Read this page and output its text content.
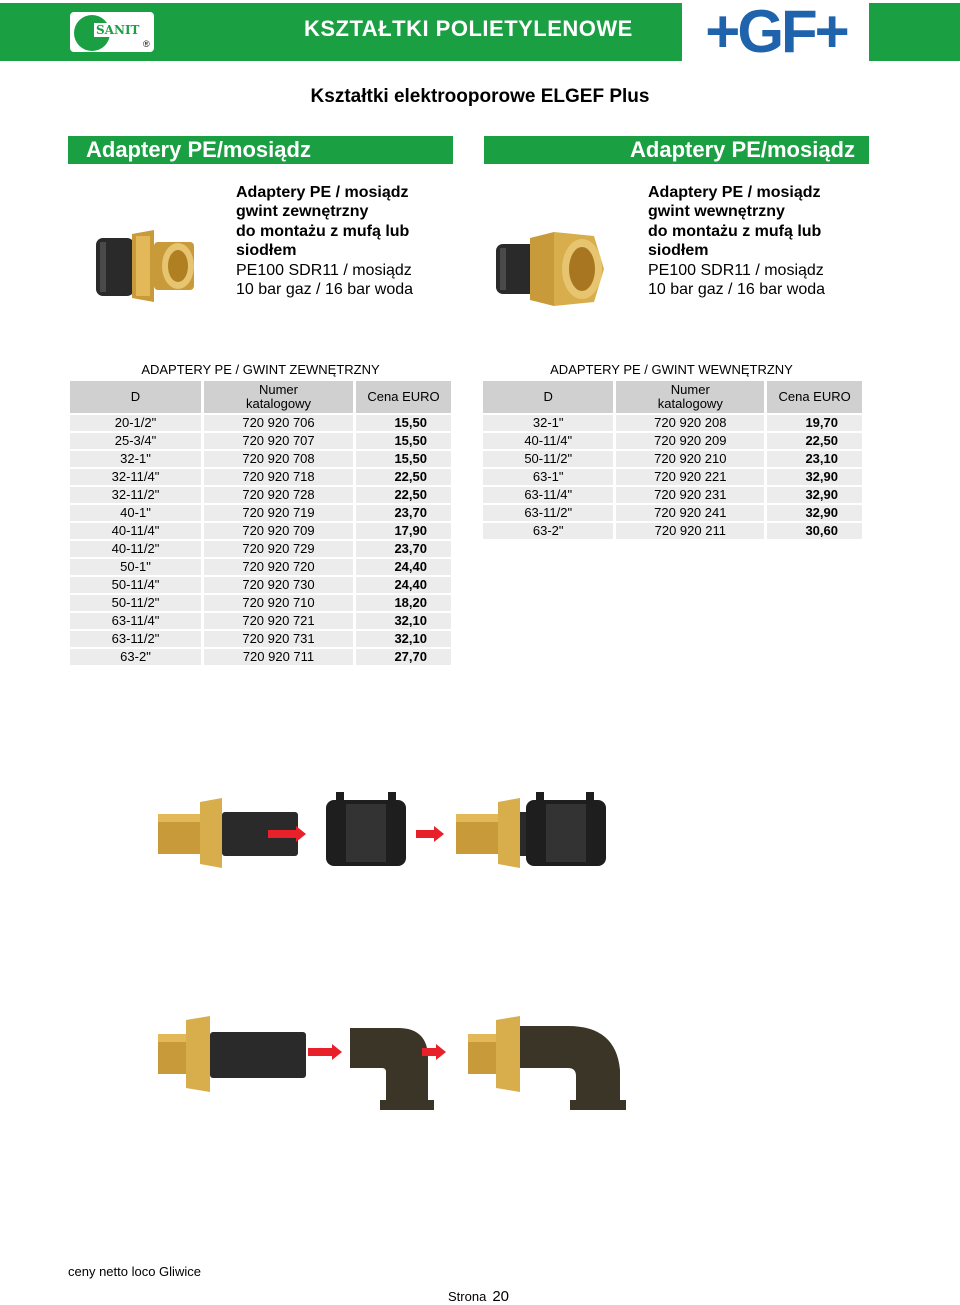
SANIT
®
KSZTAŁTKI POLIETYLENOWE	+GF+
Kształtki elektrooporowe ELGEF Plus
Adaptery PE/mosiądz
Adaptery PE / mosiądz
gwint zewnętrzny
do montażu z mufą lub
siodłem
PE100 SDR11 / mosiądz
10 bar gaz / 16 bar woda
ADAPTERY PE / GWINT ZEWNĘTRZNY
D	Numer katalogowy	Cena EURO
20-1/2"	720 920 706	15,50
25-3/4"	720 920 707	15,50
32-1"	720 920 708	15,50
32-11/4"	720 920 718	22,50
32-11/2"	720 920 728	22,50
40-1"	720 920 719	23,70
40-11/4"	720 920 709	17,90
40-11/2"	720 920 729	23,70
50-1"	720 920 720	24,40
50-11/4"	720 920 730	24,40
50-11/2"	720 920 710	18,20
63-11/4"	720 920 721	32,10
63-11/2"	720 920 731	32,10
63-2"	720 920 711	27,70
Adaptery PE/mosiądz
Adaptery PE / mosiądz
gwint wewnętrzny
do montażu z mufą lub
siodłem
PE100 SDR11 / mosiądz
10 bar gaz / 16 bar woda
ADAPTERY PE / GWINT WEWNĘTRZNY
D	Numer katalogowy	Cena EURO
32-1"	720 920 208	19,70
40-11/4"	720 920 209	22,50
50-11/2"	720 920 210	23,10
63-1"	720 920 221	32,90
63-11/4"	720 920 231	32,90
63-11/2"	720 920 241	32,90
63-2"	720 920 211	30,60
ceny netto loco Gliwice
Strona 20
